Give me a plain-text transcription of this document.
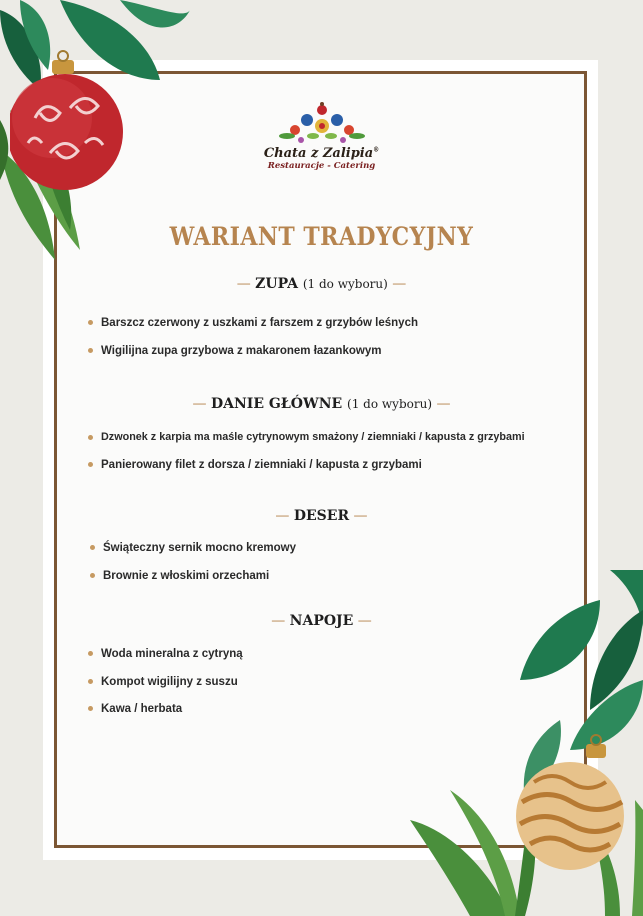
Chata z Zalipia®
Restauracje - Catering
WARIANT TRADYCYJNY
— ZUPA (1 do wyboru) —
Barszcz czerwony z uszkami z farszem z grzybów leśnych
Wigilijna zupa grzybowa z makaronem łazankowym
— DANIE GŁÓWNE (1 do wyboru) —
Dzwonek z karpia ma maśle cytrynowym smażony / ziemniaki / kapusta z grzybami
Panierowany filet z dorsza / ziemniaki / kapusta z grzybami
— DESER —
Świąteczny sernik mocno kremowy
Brownie z włoskimi orzechami
— NAPOJE —
Woda mineralna z cytryną
Kompot wigilijny z suszu
Kawa / herbata
